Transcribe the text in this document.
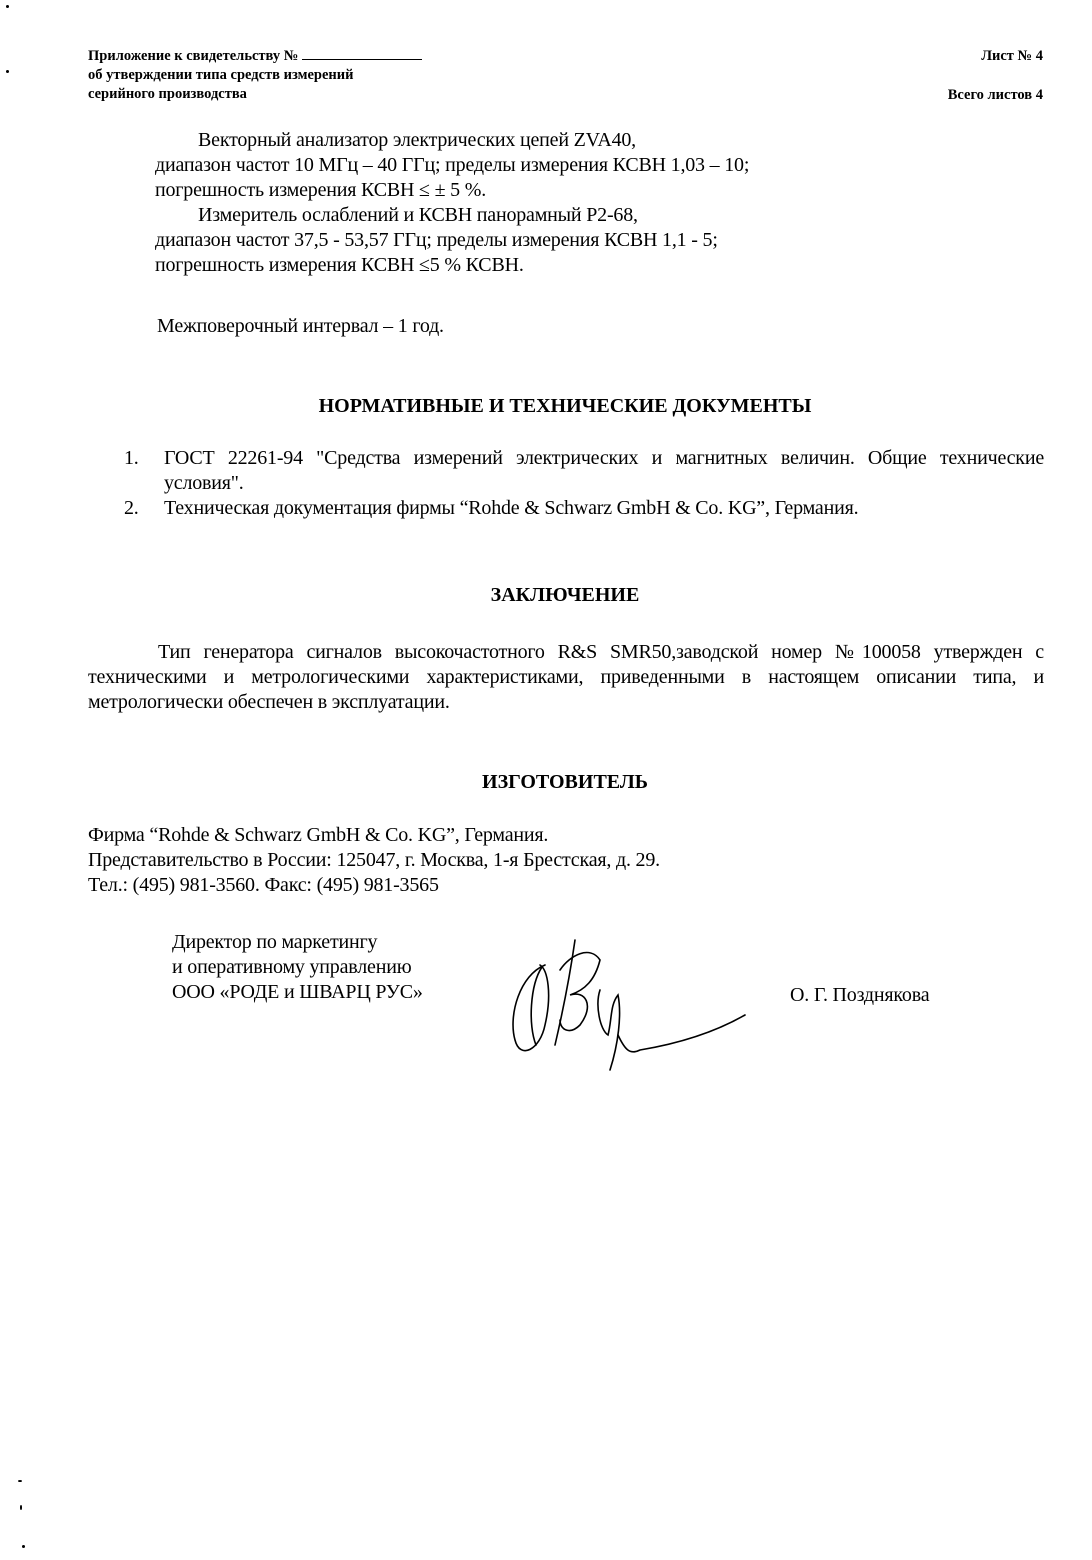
Приложение к свидетельству №
об утверждении типа средств измерений
серийного производства
Лист № 4
Всего листов 4
Векторный анализатор электрических цепей ZVA40,
диапазон частот 10 МГц – 40 ГГц; пределы измерения КСВН 1,03 – 10;
погрешность измерения КСВН ≤ ± 5 %.
Измеритель ослаблений и КСВН панорамный Р2-68,
диапазон частот 37,5 - 53,57 ГГц; пределы измерения КСВН 1,1 - 5;
погрешность измерения КСВН ≤5 % КСВН.
Межповерочный интервал – 1 год.
НОРМАТИВНЫЕ И ТЕХНИЧЕСКИЕ ДОКУМЕНТЫ
1.	ГОСТ 22261-94 "Средства измерений электрических и магнитных величин. Общие технические условия".
2.	Техническая документация фирмы “Rohde & Schwarz GmbH & Co. KG”, Германия.
ЗАКЛЮЧЕНИЕ
Тип генератора сигналов высокочастотного R&S SMR50,заводской номер №100058 утвержден с техническими и метрологическими характеристиками, приведенными в настоящем описании типа, и метрологически обеспечен в эксплуатации.
ИЗГОТОВИТЕЛЬ
Фирма “Rohde & Schwarz GmbH & Co. KG”, Германия.
Представительство в России: 125047, г. Москва, 1-я Брестская, д. 29.
Тел.: (495) 981-3560. Факс: (495) 981-3565
Директор по маркетингу
и оперативному управлению
ООО «РОДЕ и ШВАРЦ РУС»	О. Г. Позднякова
